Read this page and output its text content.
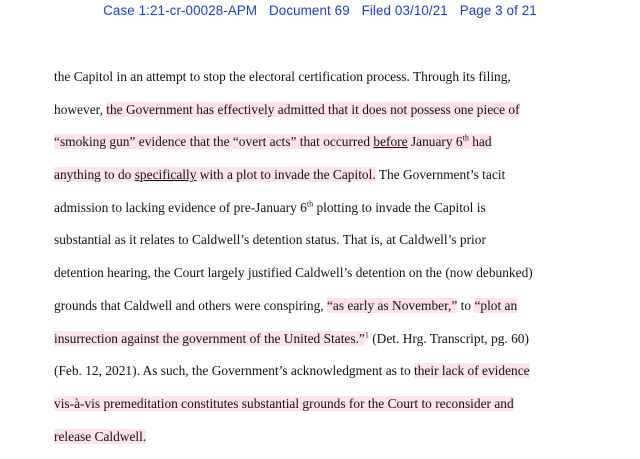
Case 1:21-cr-00028-APM Document 69 Filed 03/10/21 Page 3 of 21
the Capitol in an attempt to stop the electoral certification process. Through its filing,
however, the Government has effectively admitted that it does not possess one piece of
“smoking gun” evidence that the “overt acts” that occurred before January 6th had
anything to do specifically with a plot to invade the Capitol. The Government’s tacit
admission to lacking evidence of pre-January 6th plotting to invade the Capitol is
substantial as it relates to Caldwell’s detention status. That is, at Caldwell’s prior
detention hearing, the Court largely justified Caldwell’s detention on the (now debunked)
grounds that Caldwell and others were conspiring, “as early as November,” to “plot an
insurrection against the government of the United States.”$^1$ (Det. Hrg. Transcript, pg. 60)
(Feb. 12, 2021). As such, the Government’s acknowledgment as to their lack of evidence
vis-à-vis premeditation constitutes substantial grounds for the Court to reconsider and
release Caldwell.
